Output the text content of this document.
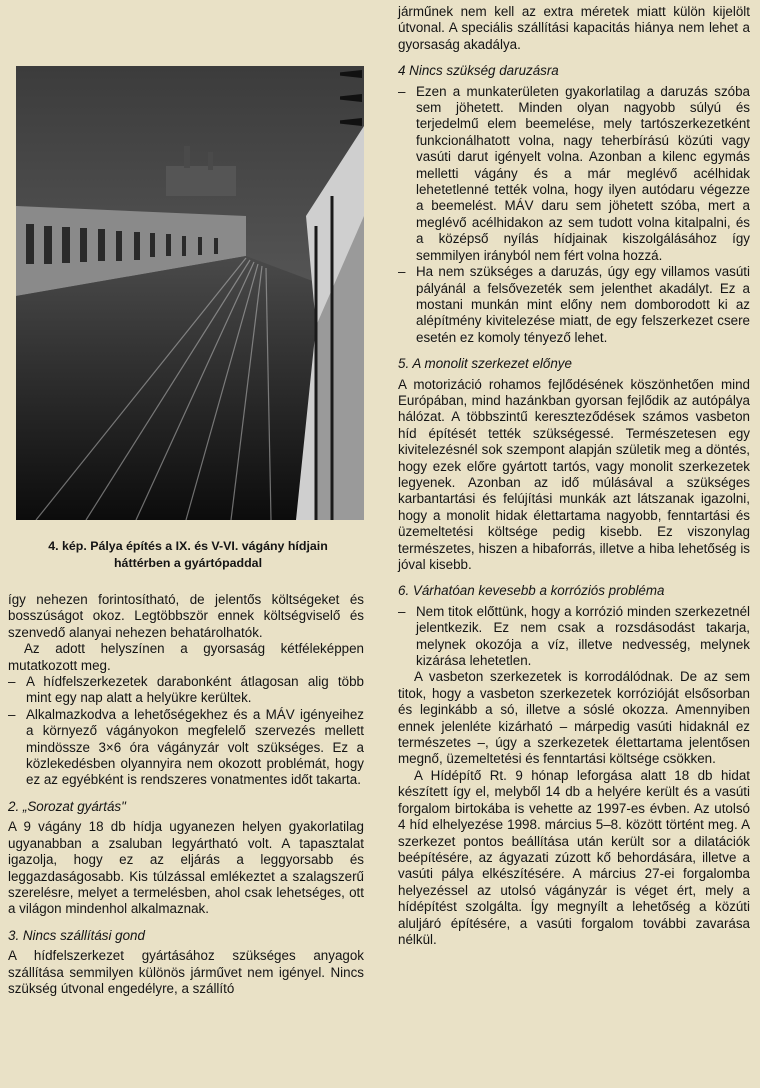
4. kép. Pálya építés a IX. és V-VI. vágány hídjain
háttérben a gyártópaddal

így nehezen forintosítható, de jelentős költségeket és bosszúságot okoz. Legtöbbször ennek költségviselő és szenvedő alanyai nehezen behatárolhatók.

Az adott helyszínen a gyorsaság kétféleképpen mutatkozott meg.

– A hídfelszerkezetek darabonként átlagosan alig több mint egy nap alatt a helyükre kerültek.
– Alkalmazkodva a lehetőségekhez és a MÁV igényeihez a környező vágányokon megfelelő szervezés mellett mindössze 3×6 óra vágányzár volt szükséges. Ez a közlekedésben olyannyira nem okozott problémát, hogy ez az egyébként is rendszeres vonatmentes időt takarta.
2. „Sorozat gyártás"

A 9 vágány 18 db hídja ugyanezen helyen gyakorlatilag ugyanabban a zsaluban legyártható volt. A tapasztalat igazolja, hogy ez az eljárás a leggyorsabb és leggazdaságosabb. Kis túlzással emlékeztet a szalagszerű szerelésre, melyet a termelésben, ahol csak lehetséges, ott a világon mindenhol alkalmaznak.

3. Nincs szállítási gond

A hídfelszerkezet gyártásához szükséges anyagok szállítása semmilyen különös járművet nem igényel. Nincs szükség útvonal engedélyre, a szállító

járműnek nem kell az extra méretek miatt külön kijelölt útvonal. A speciális szállítási kapacitás hiánya nem lehet a gyorsaság akadálya.

4 Nincs szükség daruzásra
– Ezen a munkaterületen gyakorlatilag a daruzás szóba sem jöhetett. Minden olyan nagyobb súlyú és terjedelmű elem beemelése, mely tartószerkezetként funkcionálhatott volna, nagy teherbírású közúti vagy vasúti darut igényelt volna. Azonban a kilenc egymás melletti vágány és a már meglévő acélhidak lehetetlenné tették volna, hogy ilyen autódaru végezze a beemelést. MÁV daru sem jöhetett szóba, mert a meglévő acélhidakon az sem tudott volna kitalpalni, és a középső nyílás hídjainak kiszolgálásához így semmilyen irányból nem fért volna hozzá.
– Ha nem szükséges a daruzás, úgy egy villamos vasúti pályánál a felsővezeték sem jelenthet akadályt. Ez a mostani munkán mint előny nem domborodott ki az alépítmény kivitelezése miatt, de egy felszerkezet csere esetén ez komoly tényező lehet.
5. A monolit szerkezet előnye

A motorizáció rohamos fejlődésének köszönhetően mind Európában, mind hazánkban gyorsan fejlődik az autópálya hálózat. A többszintű kereszteződések számos vasbeton híd építését tették szükségessé. Természetesen egy kivitelezésnél sok szempont alapján születik meg a döntés, hogy ezek előre gyártott tartós, vagy monolit szerkezetek legyenek. Azonban az idő múlásával a szükséges karbantartási és felújítási munkák azt látszanak igazolni, hogy a monolit hidak élettartama nagyobb, fenntartási és üzemeltetési költsége pedig kisebb. Ez viszonylag természetes, hiszen a hibaforrás, illetve a hiba lehetőség is jóval kisebb.

6. Várhatóan kevesebb a korróziós probléma
– Nem titok előttünk, hogy a korrózió minden szerkezetnél jelentkezik. Ez nem csak a rozsdásodást takarja, melynek okozója a víz, illetve nedvesség, melynek kizárása lehetetlen.

A vasbeton szerkezetek is korrodálódnak. De az sem titok, hogy a vasbeton szerkezetek korrózióját elsősorban és leginkább a só, illetve a sóslé okozza. Amennyiben ennek jelenléte kizárható – márpedig vasúti hidaknál ez természetes –, úgy a szerkezetek élettartama jelentősen megnő, üzemeltetési és fenntartási költsége csökken.

A Hídépítő Rt. 9 hónap leforgása alatt 18 db hidat készített így el, melyből 14 db a helyére került és a vasúti forgalom birtokába is vehette az 1997-es évben. Az utolsó 4 híd elhelyezése 1998. március 5–8. között történt meg. A szerkezet pontos beállítása után került sor a dilatációk beépítésére, az ágyazati zúzott kő behordására, illetve a vasúti pálya elkészítésére. A március 27-ei forgalomba helyezéssel az utolsó vágányzár is véget ért, mely a hídépítést szolgálta. Így megnyílt a lehetőség a közúti aluljáró építésére, a vasúti forgalom további zavarása nélkül.
